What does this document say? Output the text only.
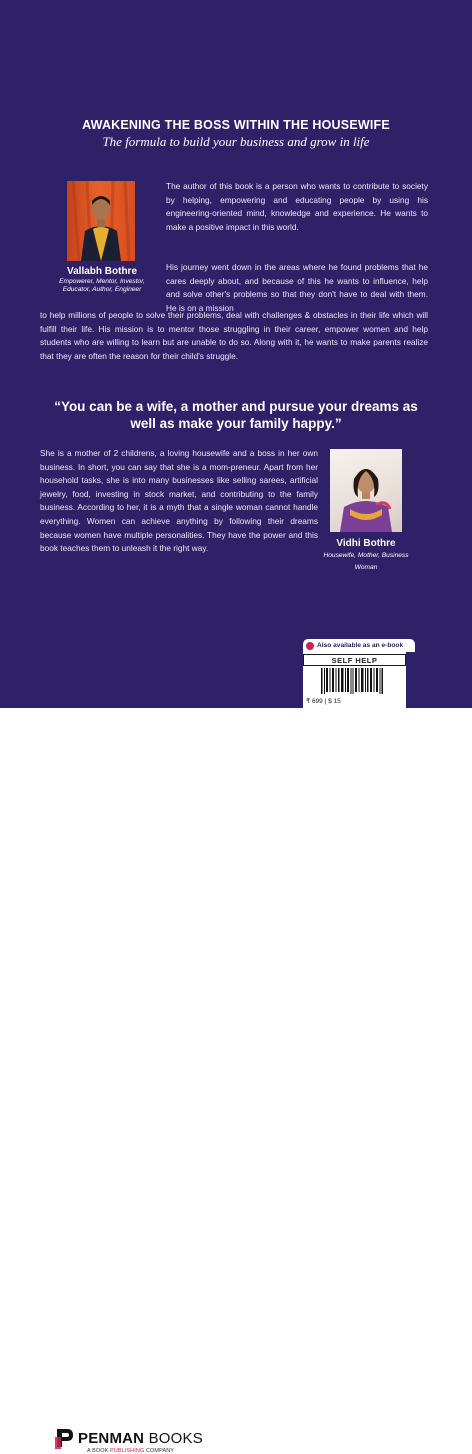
AWAKENING THE BOSS WITHIN THE HOUSEWIFE
The formula to build your business and grow in life
Vallabh Bothre
Empowerer, Mentor, Investor, Educator, Author, Engineer
The author of this book is a person who wants to contribute to society by helping, empowering and educating people by using his engineering-oriented mind, knowledge and experience. He wants to make a positive impact in this world.
His journey went down in the areas where he found problems that he cares deeply about, and because of this he wants to influence, help and solve other's problems so that they don't have to deal with them. He is on a mission
to help millions of people to solve their problems, deal with challenges & obstacles in their life which will fulfill their life. His mission is to mentor those struggling in their career, empower women and help students who are willing to learn but are unable to do so. Along with it, he wants to make parents realize that they are often the reason for their child's struggle.
“You can be a wife, a mother and pursue your dreams as well as make your family happy.”
She is a mother of 2 childrens, a loving housewife and a boss in her own business. In short, you can say that she is a mom-preneur. Apart from her household tasks, she is into many businesses like selling sarees, artificial jewelry, food, investing in stock market, and contributing to the family business. According to her, it is a myth that a single woman cannot handle everything. Women can achieve anything by following their dreams because women have multiple personalities. They have the power and this book teaches them to unleash it the right way.	Vidhi Bothre
Housewife, Mother, Business Woman
Also available as an e-book
SELF HELP
₹ 699 | $ 15
PENMAN BOOKS
A BOOK PUBLISHING COMPANY
